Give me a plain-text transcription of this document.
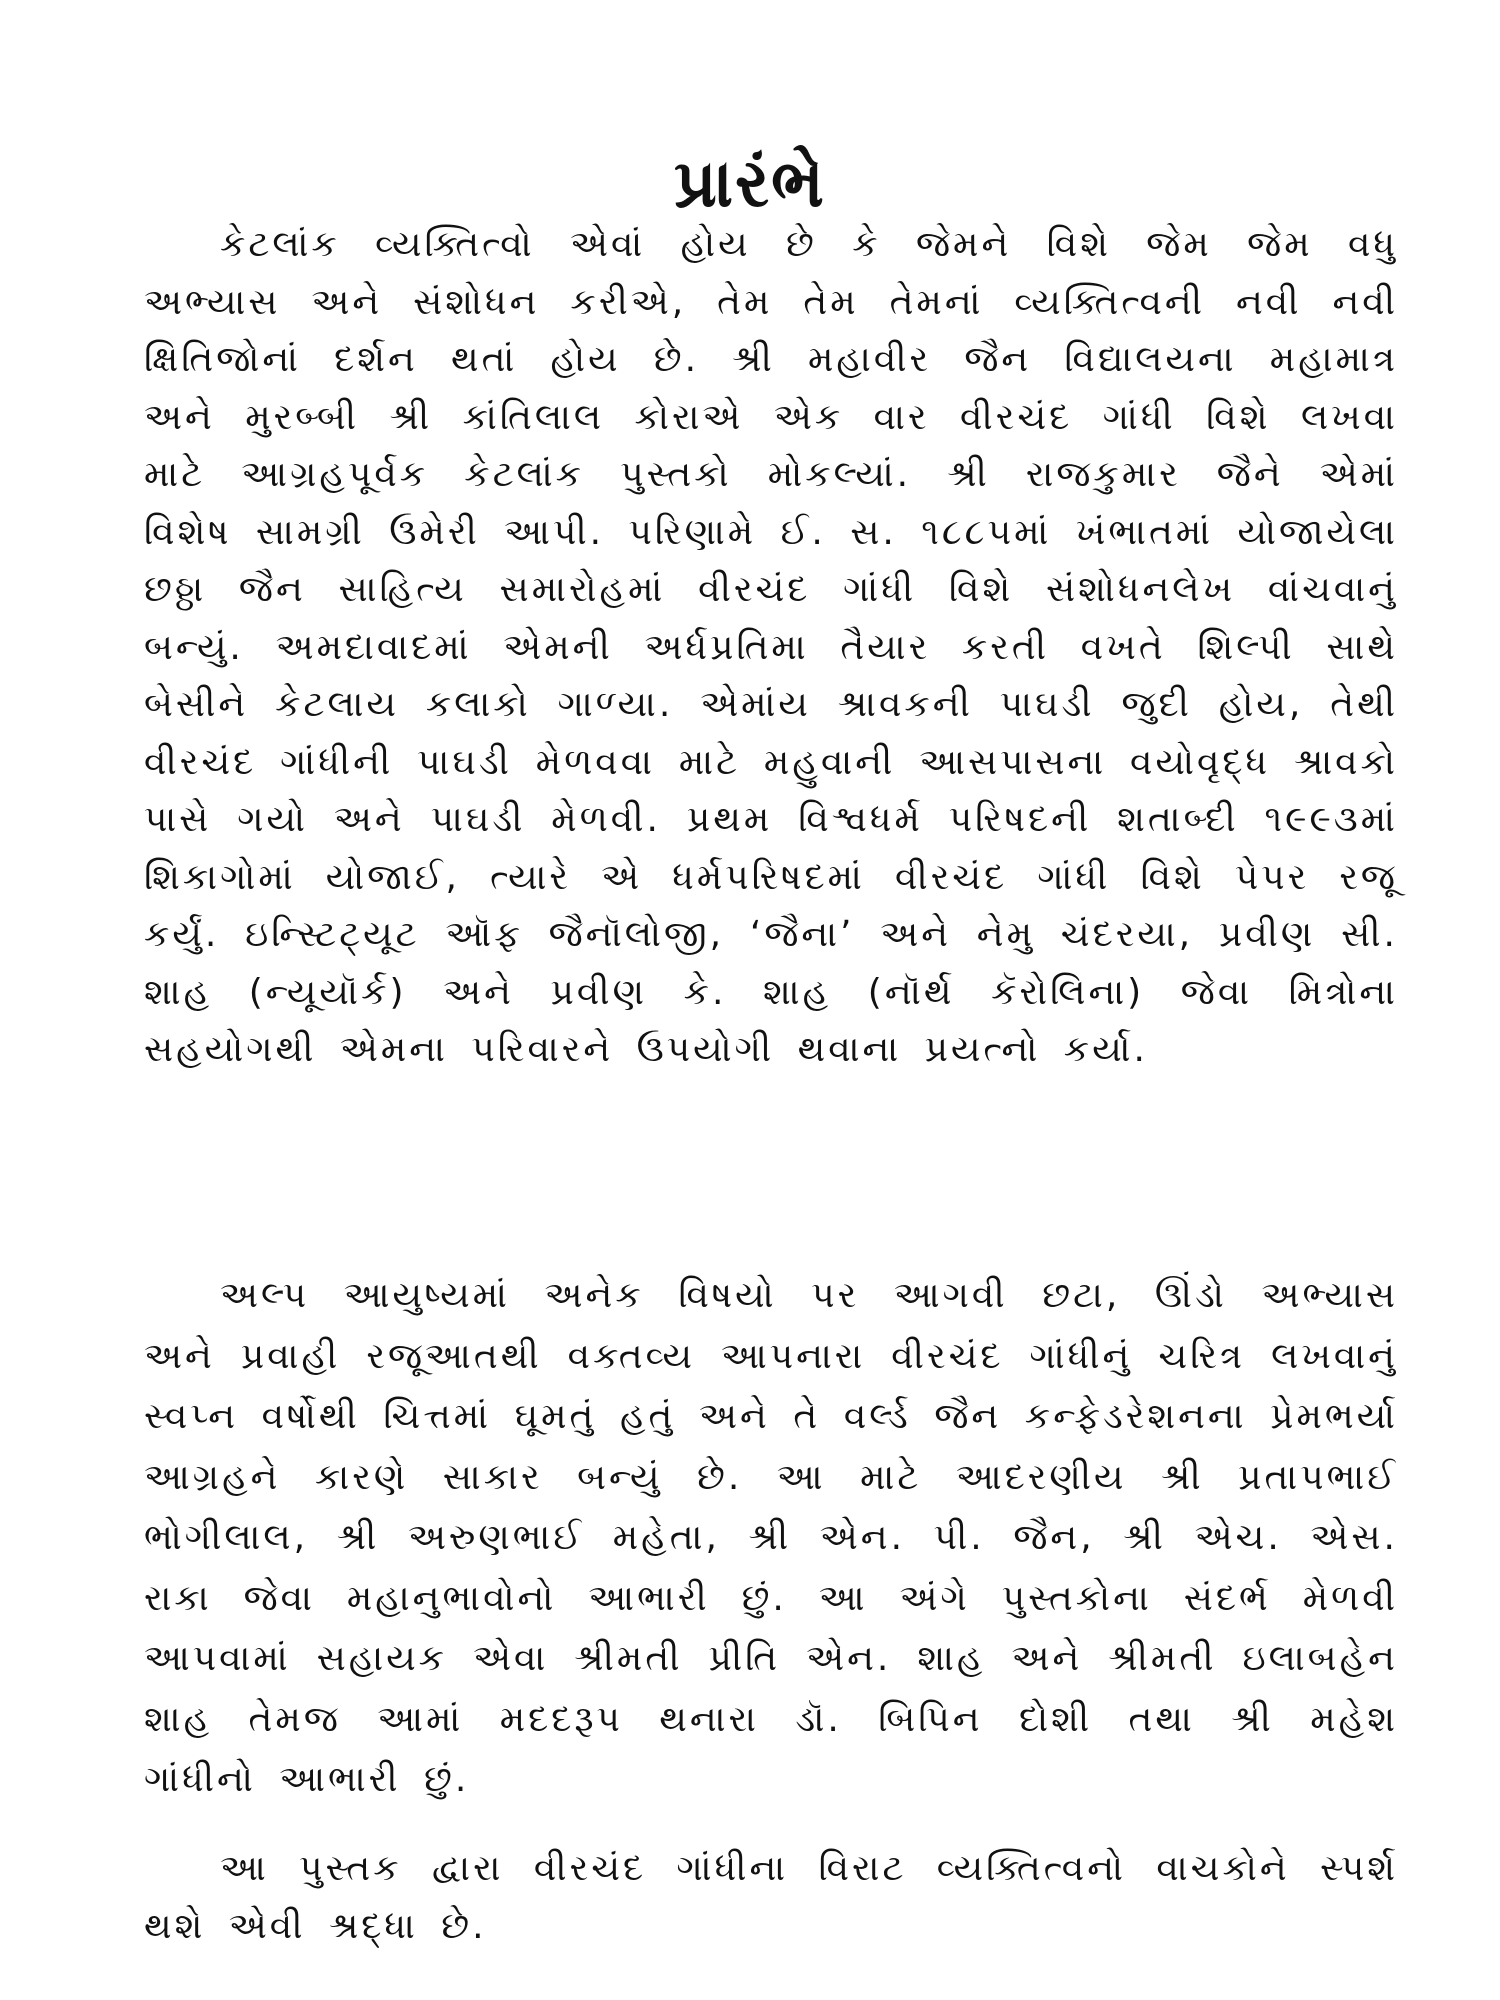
પ્રારંભે

કેટલાંક વ્યક્તિત્વો એવાં હોય છે કે જેમને વિશે જેમ જેમ વધુ અભ્યાસ અને સંશોધન કરીએ, તેમ તેમ તેમનાં વ્યક્તિત્વની નવી નવી ક્ષિતિજોનાં દર્શન થતાં હોય છે. શ્રી મહાવીર જૈન વિદ્યાલયના મહામાત્ર અને મુરબ્બી શ્રી કાંતિલાલ કોરાએ એક વાર વીરચંદ ગાંધી વિશે લખવા માટે આગ્રહપૂર્વક કેટલાંક પુસ્તકો મોકલ્યાં. શ્રી રાજકુમાર જૈને એમાં વિશેષ સામગ્રી ઉમેરી આપી. પરિણામે ઈ. સ. ૧૮૮૫માં ખંભાતમાં યોજાયેલા છઠ્ઠા જૈન સાહિત્ય સમારોહમાં વીરચંદ ગાંધી વિશે સંશોધનલેખ વાંચવાનું બન્યું. અમદાવાદમાં એમની અર્ધપ્રતિમા તૈયાર કરતી વખતે શિલ્પી સાથે બેસીને કેટલાય કલાકો ગાળ્યા. એમાંય શ્રાવકની પાઘડી જુદી હોય, તેથી વીરચંદ ગાંધીની પાઘડી મેળવવા માટે મહુવાની આસપાસના વયોવૃદ્ધ શ્રાવકો પાસે ગયો અને પાઘડી મેળવી. પ્રથમ વિશ્વધર્મ પરિષદની શતાબ્દી ૧૯૯૩માં શિકાગોમાં યોજાઈ, ત્યારે એ ધર્મપરિષદમાં વીરચંદ ગાંધી વિશે પેપર રજૂ કર્યું. ઇન્સ્ટિટ્યૂટ ઑફ જૈનૉલોજી, ‘જૈના’ અને નેમુ ચંદરયા, પ્રવીણ સી. શાહ (ન્યૂયૉર્ક) અને પ્રવીણ કે. શાહ (નૉર્થ કૅરોલિના) જેવા મિત્રોના સહયોગથી એમના પરિવારને ઉપયોગી થવાના પ્રયત્નો કર્યા.

અલ્પ આયુષ્યમાં અનેક વિષયો પર આગવી છટા, ઊંડો અભ્યાસ અને પ્રવાહી રજૂઆતથી વક્તવ્ય આપનારા વીરચંદ ગાંધીનું ચરિત્ર લખવાનું સ્વપ્ન વર્ષોથી ચિત્તમાં ઘૂમતું હતું અને તે વર્લ્ડ જૈન કન્ફેડરેશનના પ્રેમભર્યા આગ્રહને કારણે સાકાર બન્યું છે. આ માટે આદરણીય શ્રી પ્રતાપભાઈ ભોગીલાલ, શ્રી અરુણભાઈ મહેતા, શ્રી એન. પી. જૈન, શ્રી એચ. એસ. રાકા જેવા મહાનુભાવોનો આભારી છું. આ અંગે પુસ્તકોના સંદર્ભ મેળવી આપવામાં સહાયક એવા શ્રીમતી પ્રીતિ એન. શાહ અને શ્રીમતી ઇલાબહેન શાહ તેમજ આમાં મદદરૂપ થનારા ડૉ. બિપિન દોશી તથા શ્રી મહેશ ગાંધીનો આભારી છું.

આ પુસ્તક દ્વારા વીરચંદ ગાંધીના વિરાટ વ્યક્તિત્વનો વાચકોને સ્પર્શ થશે એવી શ્રદ્ધા છે.
